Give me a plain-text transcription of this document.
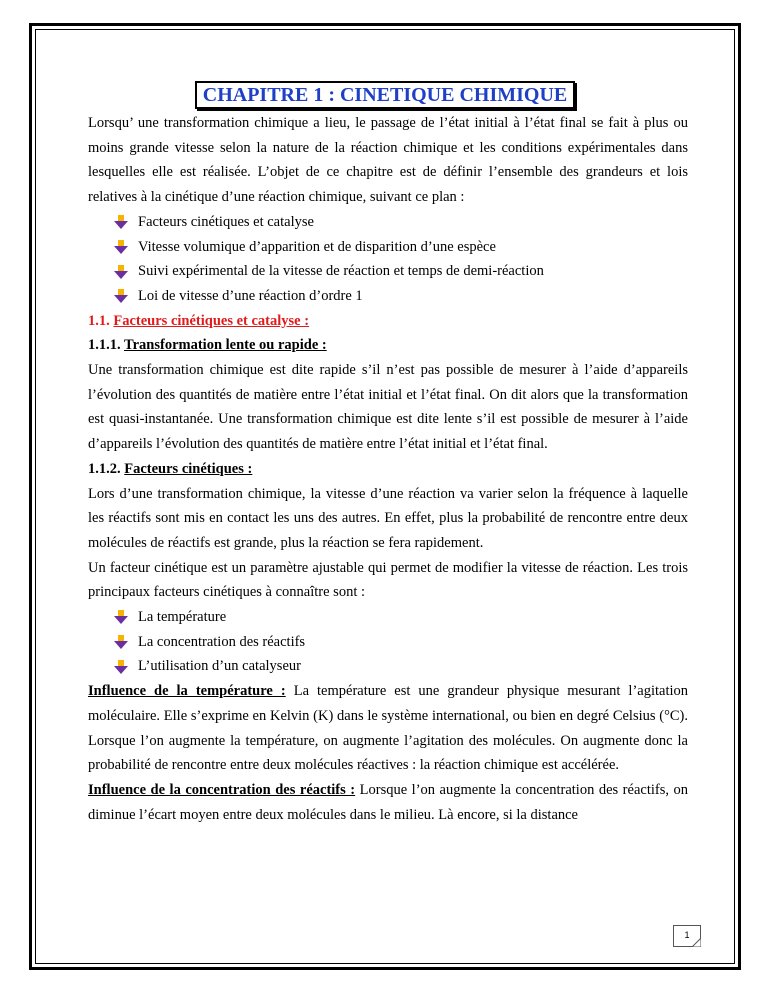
CHAPITRE 1 : CINETIQUE CHIMIQUE

Lorsqu’ une transformation chimique a lieu, le passage de l’état initial à l’état final se fait à plus ou moins grande vitesse selon la nature de la réaction chimique et les conditions expérimentales dans lesquelles elle est réalisée. L’objet de ce chapitre est de définir l’ensemble des grandeurs et lois relatives à la cinétique d’une réaction chimique, suivant ce plan :

Facteurs cinétiques et catalyse
Vitesse volumique d’apparition et de disparition d’une espèce
Suivi expérimental de la vitesse de réaction et temps de demi-réaction
Loi de vitesse d’une réaction d’ordre 1
1.1. Facteurs cinétiques et catalyse :
1.1.1. Transformation lente ou rapide :

Une transformation chimique est dite rapide s’il n’est pas possible de mesurer à l’aide d’appareils l’évolution des quantités de matière entre l’état initial et l’état final. On dit alors que la transformation est quasi-instantanée. Une transformation chimique est dite lente s’il est possible de mesurer à l’aide d’appareils l’évolution des quantités de matière entre l’état initial et l’état final.

1.1.2. Facteurs cinétiques :

Lors d’une transformation chimique, la vitesse d’une réaction va varier selon la fréquence à laquelle les réactifs sont mis en contact les uns des autres. En effet, plus la probabilité de rencontre entre deux molécules de réactifs est grande, plus la réaction se fera rapidement.

Un facteur cinétique est un paramètre ajustable qui permet de modifier la vitesse de réaction. Les trois principaux facteurs cinétiques à connaître sont :

La température
La concentration des réactifs
L’utilisation d’un catalyseur

Influence de la température : La température est une grandeur physique mesurant l’agitation moléculaire. Elle s’exprime en Kelvin (K) dans le système international, ou bien en degré Celsius (°C). Lorsque l’on augmente la température, on augmente l’agitation des molécules. On augmente donc la probabilité de rencontre entre deux molécules réactives : la réaction chimique est accélérée.

Influence de la concentration des réactifs : Lorsque l’on augmente la concentration des réactifs, on diminue l’écart moyen entre deux molécules dans le milieu. Là encore, si la distance

1
